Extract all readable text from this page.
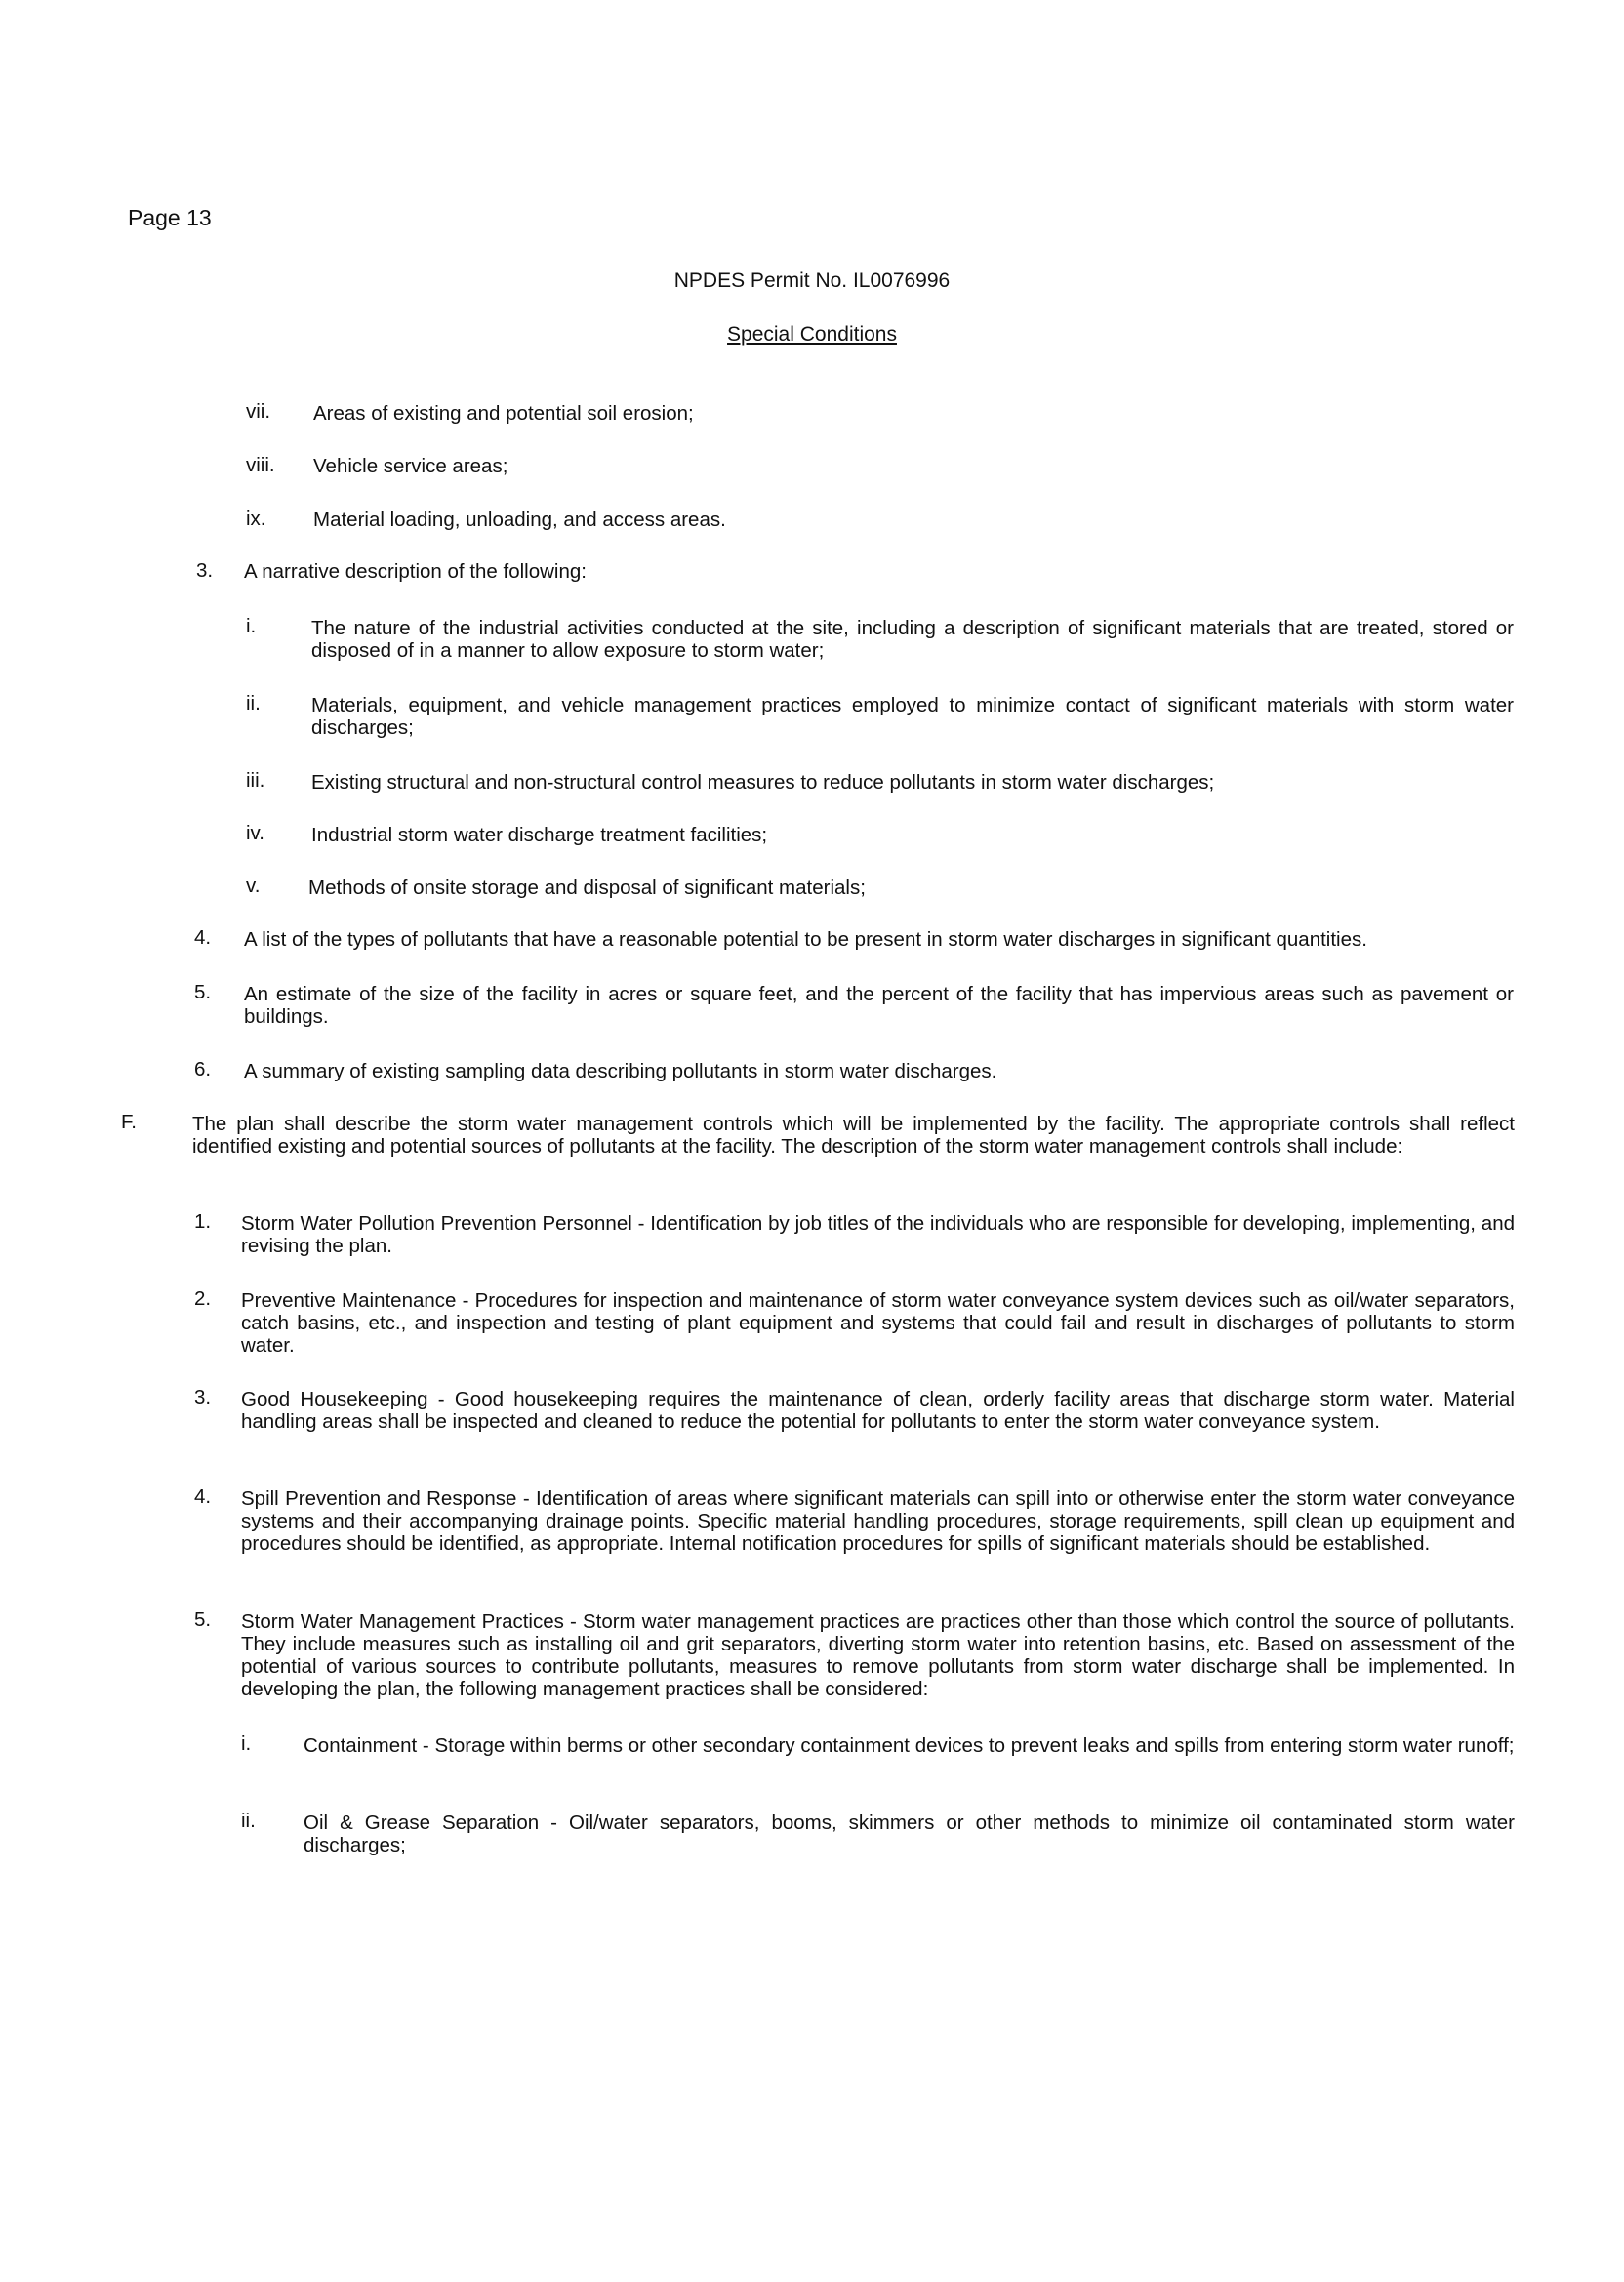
Page 13
NPDES Permit No. IL0076996
Special Conditions
vii. Areas of existing and potential soil erosion;
viii. Vehicle service areas;
ix. Material loading, unloading, and access areas.
3. A narrative description of the following:
i.	The nature of the industrial activities conducted at the site, including a description of significant materials that are treated, stored or disposed of in a manner to allow exposure to storm water;
ii.	Materials, equipment, and vehicle management practices employed to minimize contact of significant materials with storm water discharges;
iii. Existing structural and non-structural control measures to reduce pollutants in storm water discharges;
iv. Industrial storm water discharge treatment facilities;
v. Methods of onsite storage and disposal of significant materials;
4. A list of the types of pollutants that have a reasonable potential to be present in storm water discharges in significant quantities.
5. An estimate of the size of the facility in acres or square feet, and the percent of the facility that has impervious areas such as pavement or buildings.
6. A summary of existing sampling data describing pollutants in storm water discharges.
F.	The plan shall describe the storm water management controls which will be implemented by the facility. The appropriate controls shall reflect identified existing and potential sources of pollutants at the facility. The description of the storm water management controls shall include:
1. Storm Water Pollution Prevention Personnel - Identification by job titles of the individuals who are responsible for developing, implementing, and revising the plan.
2. Preventive Maintenance - Procedures for inspection and maintenance of storm water conveyance system devices such as oil/water separators, catch basins, etc., and inspection and testing of plant equipment and systems that could fail and result in discharges of pollutants to storm water.
3. Good Housekeeping - Good housekeeping requires the maintenance of clean, orderly facility areas that discharge storm water. Material handling areas shall be inspected and cleaned to reduce the potential for pollutants to enter the storm water conveyance system.
4. Spill Prevention and Response - Identification of areas where significant materials can spill into or otherwise enter the storm water conveyance systems and their accompanying drainage points. Specific material handling procedures, storage requirements, spill clean up equipment and procedures should be identified, as appropriate. Internal notification procedures for spills of significant materials should be established.
5. Storm Water Management Practices - Storm water management practices are practices other than those which control the source of pollutants. They include measures such as installing oil and grit separators, diverting storm water into retention basins, etc. Based on assessment of the potential of various sources to contribute pollutants, measures to remove pollutants from storm water discharge shall be implemented. In developing the plan, the following management practices shall be considered:
i.	Containment - Storage within berms or other secondary containment devices to prevent leaks and spills from entering storm water runoff;
ii. Oil & Grease Separation - Oil/water separators, booms, skimmers or other methods to minimize oil contaminated storm water discharges;
